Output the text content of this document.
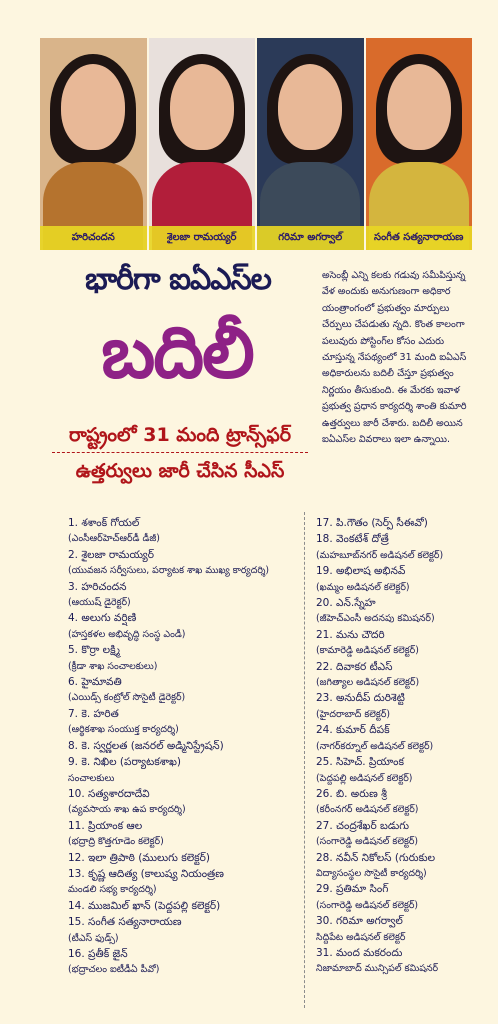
హరిచందన	శైలజా రామయ్యర్	గరిమా అగర్వాల్	సంగీత సత్యనారాయణ
భారీగా ఐఏఎస్‌ల
బదిలీ
రాష్ట్రంలో 31 మంది ట్రాన్స్‌ఫర్
ఉత్తర్వులు జారీ చేసిన సీఎస్

అసెంబ్లీ ఎన్ని కలకు గడువు సమీపిస్తున్న వేళ అందుకు అనుగుణంగా అధికార యంత్రాంగంలో ప్రభుత్వం మార్పులు చేర్పులు చేపడుతు న్నది. కొంత కాలంగా పలువురు పోస్టింగ్‌ల కోసం ఎదురు చూస్తున్న నేపథ్యంలో 31 మంది ఐఏఎస్‌ అధికారులను బదిలీ చేస్తూ ప్రభుత్వం నిర్ణయం తీసుకుంది. ఈ మేరకు ఇవాళ ప్రభుత్వ ప్రధాన కార్యదర్శి శాంతి కుమారి ఉత్తర్వులు జారీ చేశారు. బదిలీ అయిన ఐఏఎస్‌ల వివరాలు ఇలా ఉన్నాయి.

1. శశాంక్ గోయల్
(ఎంసీఆర్‌హెచ్‌ఆర్‌డీ డీజీ)
2. శైలజా రామయ్యర్
(యువజన సర్వీసులు, పర్యాటక శాఖ ముఖ్య కార్యదర్శి)
3. హరిచందన
(ఆయుష్ డైరెక్టర్)
4. అలుగు వర్షిణి
(హస్తకళల అభివృద్ధి సంస్థ ఎండీ)
5. కొర్రా లక్ష్మి
(క్రీడా శాఖ సంచాలకులు)
6. హైమావతి
(ఎయిడ్స్ కంట్రోల్ సొసైటీ డైరెక్టర్)
7. కె. హరిత
(ఆర్థికశాఖ సంయుక్త కార్యదర్శి)
8. కె. స్వర్ణలత (జనరల్ అడ్మినిస్ట్రేషన్)
9. కె. నిఖిల (పర్యాటకశాఖ)
సంచాలకులు
10. సత్యశారదాదేవి
(వ్యవసాయ శాఖ ఉప కార్యదర్శి)
11. ప్రియాంక ఆల
(భద్రాద్రి కొత్తగూడెం కలెక్టర్)
12. ఇలా త్రిపాఠి (ములుగు కలెక్టర్)
13. కృష్ణ ఆదిత్య (కాలుష్య నియంత్రణ
మండలి సభ్య కార్యదర్శి)
14. ముజమిల్ ఖాన్ (పెద్దపల్లి కలెక్టర్)
15. సంగీత సత్యనారాయణ
(టీఎస్ ఫుడ్స్)
16. ప్రతీక్ జైన్
(భద్రాచలం ఐటీడీఏ పీవో)
17. పి.గౌతం (సెర్ప్ సీఈవో)
18. వెంకటేశ్ దోత్రే
(మహబూబ్‌నగర్ అడిషనల్ కలెక్టర్)
19. అభిలాష అభినవ్
(ఖమ్మం అడిషనల్ కలెక్టర్)
20. ఎన్.స్నేహ
(జీహెచ్ఎంసీ అదనపు కమిషనర్)
21. మను చౌదరి
(కామారెడ్డి అడిషనల్ కలెక్టర్)
22. దివాకర టీఎస్
(జగిత్యాల అడిషనల్ కలెక్టర్)
23. అనుదీప్ దురిశెట్టి
(హైదరాబాద్ కలెక్టర్)
24. కుమార్ దీపక్
(నాగర్‌కర్నూల్ అడిషనల్ కలెక్టర్)
25. సిహెచ్. ప్రియాంక
(పెద్దపల్లి అడిషనల్ కలెక్టర్)
26. బి. అరుణ శ్రీ
(కరీంనగర్ అడిషనల్ కలెక్టర్)
27. చంద్రశేఖర్ బడుగు
(సంగారెడ్డి అడిషనల్ కలెక్టర్)
28. నవీన్ నికోలస్ (గురుకుల
విద్యాసంస్థల సొసైటీ కార్యదర్శి)
29. ప్రతిమా సింగ్
(సంగారెడ్డి అడిషనల్ కలెక్టర్)
30. గరిమా అగర్వాల్
సిద్దిపేట అడిషనల్ కలెక్టర్
31. మంద మకరందు
నిజామాబాద్ మున్సిపల్ కమిషనర్
